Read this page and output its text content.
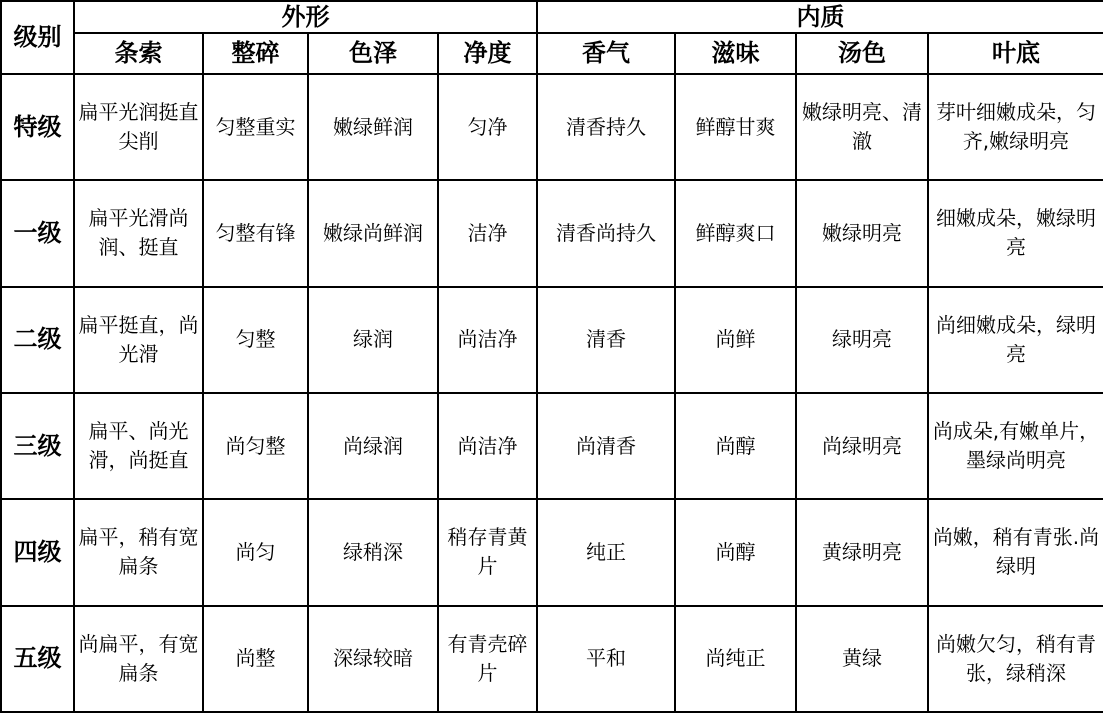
级别	外形				内质			
	条索	整碎	色泽	净度	香气	滋味	汤色	叶底
特级	扁平光润挺直尖削	匀整重实	嫩绿鲜润	匀净	清香持久	鲜醇甘爽	嫩绿明亮、清澈	芽叶细嫩成朵，匀齐,嫩绿明亮
一级	扁平光滑尚润、挺直	匀整有锋	嫩绿尚鲜润	洁净	清香尚持久	鲜醇爽口	嫩绿明亮	细嫩成朵，嫩绿明亮
二级	扁平挺直，尚光滑	匀整	绿润	尚洁净	清香	尚鲜	绿明亮	尚细嫩成朵，绿明亮
三级	扁平、尚光滑，尚挺直	尚匀整	尚绿润	尚洁净	尚清香	尚醇	尚绿明亮	尚成朵,有嫩单片，墨绿尚明亮
四级	扁平，稍有宽扁条	尚匀	绿稍深	稍存青黄片	纯正	尚醇	黄绿明亮	尚嫩，稍有青张.尚绿明
五级	尚扁平，有宽扁条	尚整	深绿较暗	有青壳碎片	平和	尚纯正	黄绿	尚嫩欠匀，稍有青张，绿稍深
